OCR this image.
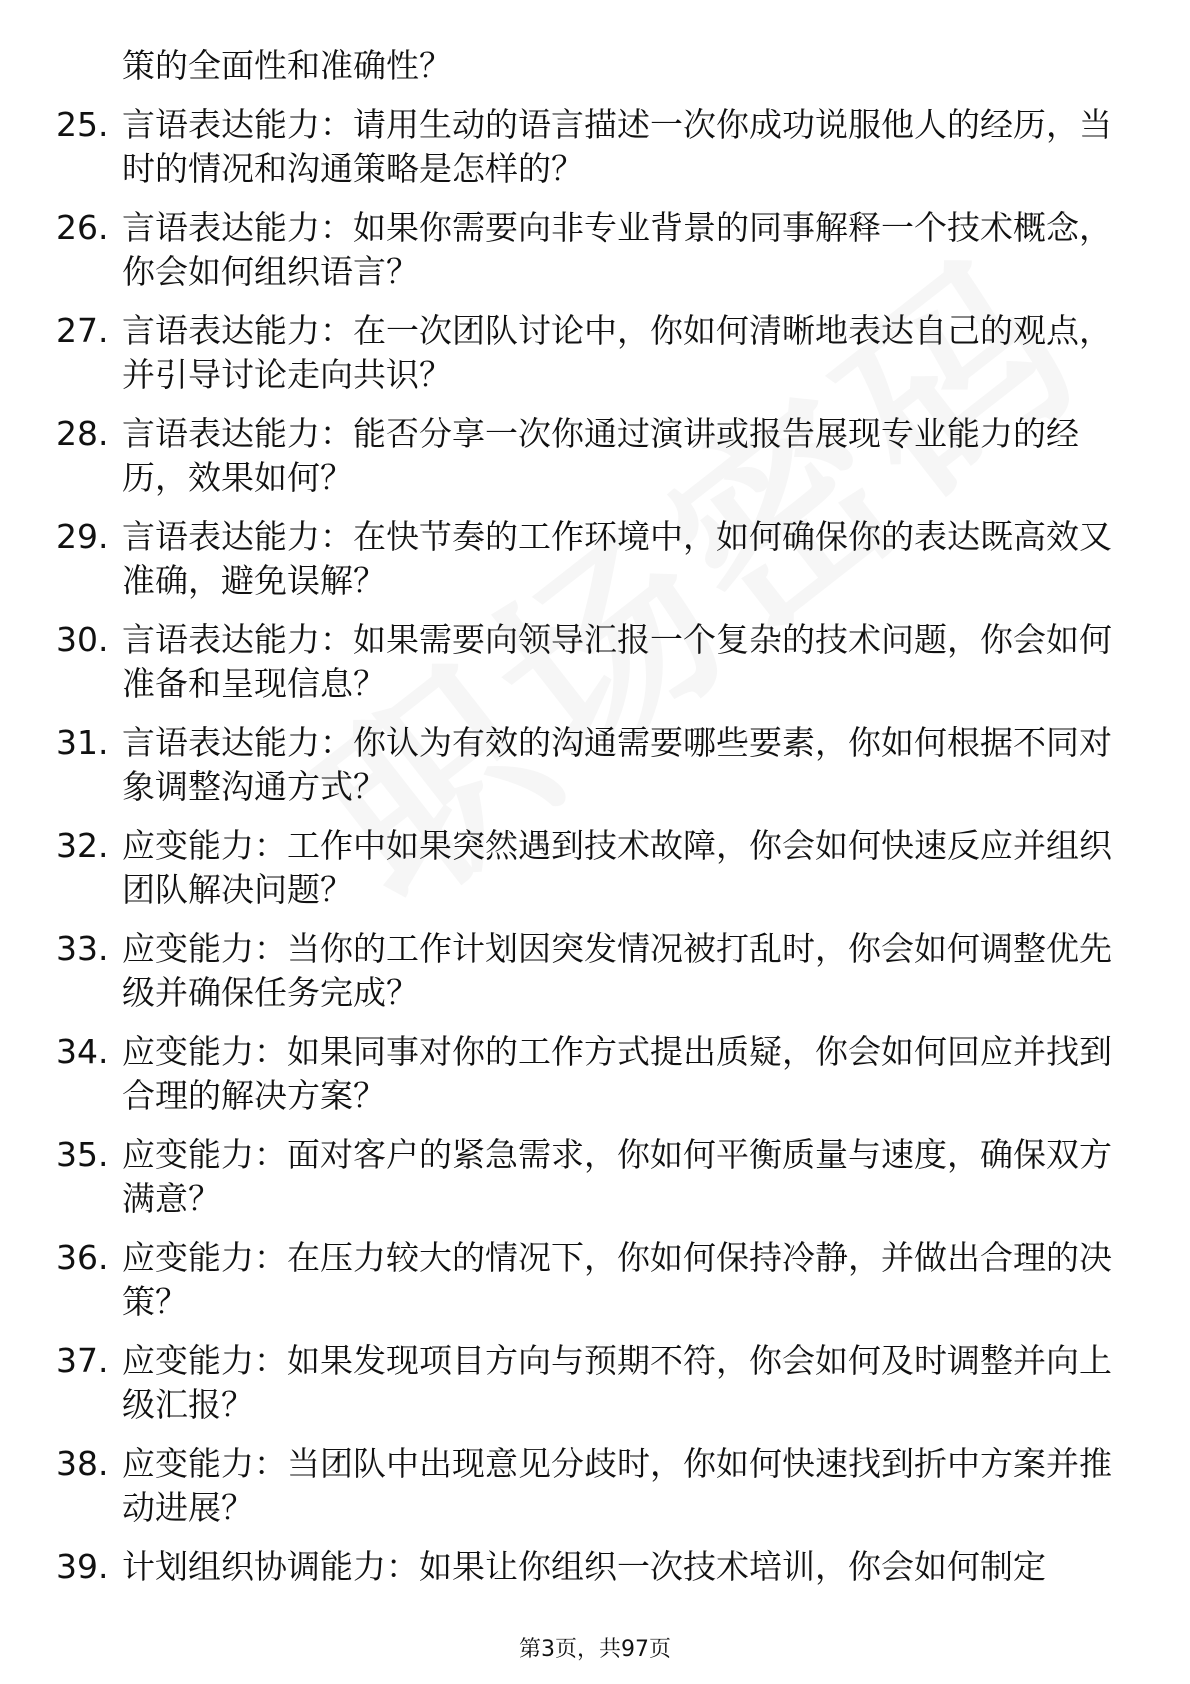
策的全面性和准确性？
25. 言语表达能力：请用生动的语言描述一次你成功说服他人的经历，当时的情况和沟通策略是怎样的？
26. 言语表达能力：如果你需要向非专业背景的同事解释一个技术概念，你会如何组织语言？
27. 言语表达能力：在一次团队讨论中，你如何清晰地表达自己的观点，并引导讨论走向共识？
28. 言语表达能力：能否分享一次你通过演讲或报告展现专业能力的经历，效果如何？
29. 言语表达能力：在快节奏的工作环境中，如何确保你的表达既高效又准确，避免误解？
30. 言语表达能力：如果需要向领导汇报一个复杂的技术问题，你会如何准备和呈现信息？
31. 言语表达能力：你认为有效的沟通需要哪些要素，你如何根据不同对象调整沟通方式？
32. 应变能力：工作中如果突然遇到技术故障，你会如何快速反应并组织团队解决问题？
33. 应变能力：当你的工作计划因突发情况被打乱时，你会如何调整优先级并确保任务完成？
34. 应变能力：如果同事对你的工作方式提出质疑，你会如何回应并找到合理的解决方案？
35. 应变能力：面对客户的紧急需求，你如何平衡质量与速度，确保双方满意？
36. 应变能力：在压力较大的情况下，你如何保持冷静，并做出合理的决策？
37. 应变能力：如果发现项目方向与预期不符，你会如何及时调整并向上级汇报？
38. 应变能力：当团队中出现意见分歧时，你如何快速找到折中方案并推动进展？
39. 计划组织协调能力：如果让你组织一次技术培训，你会如何制定
第3页，共97页
